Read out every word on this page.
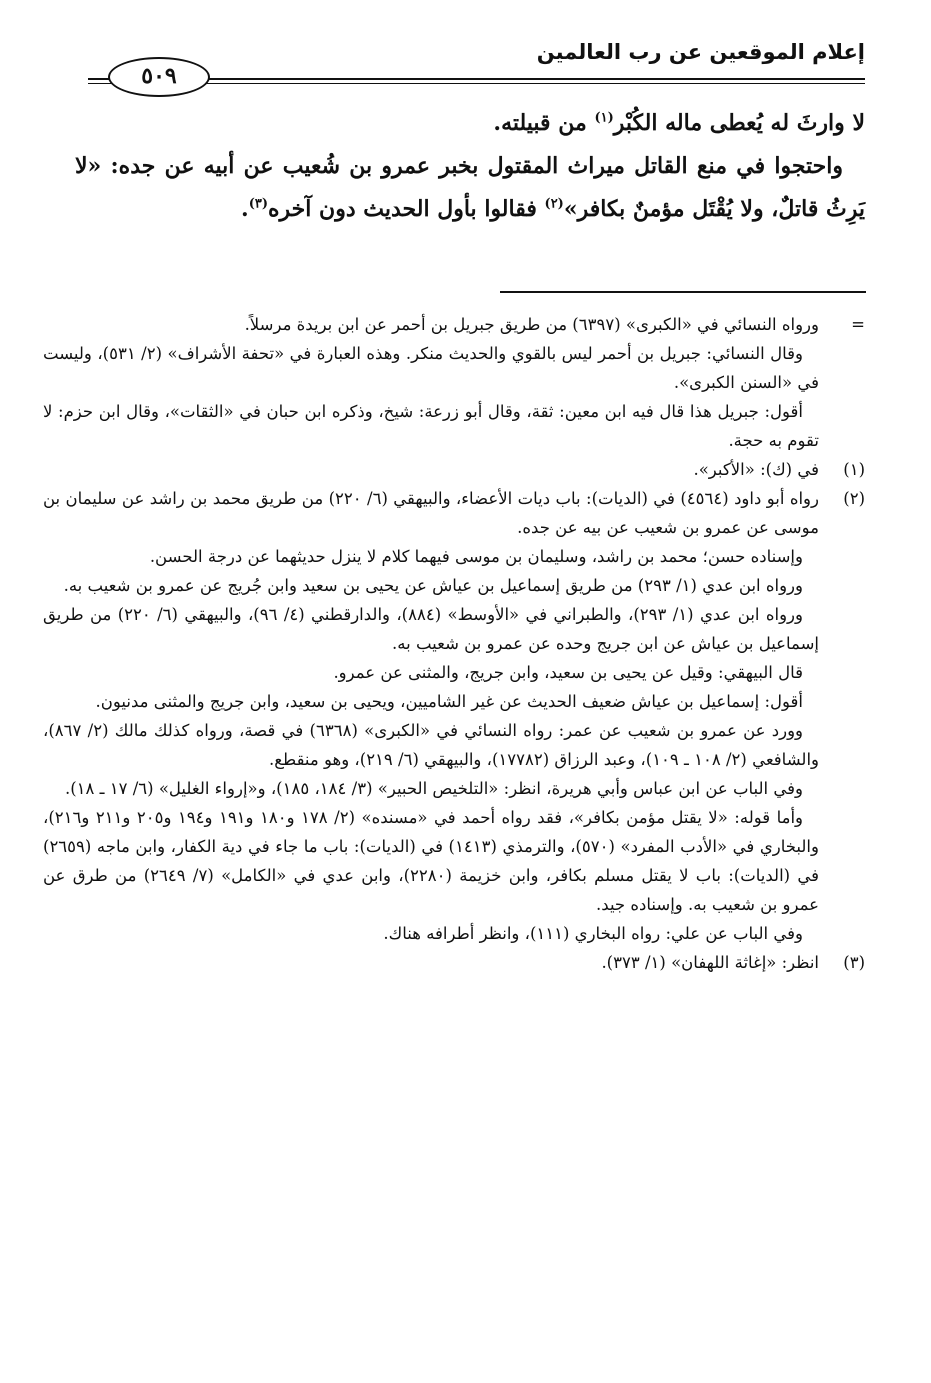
إعلام الموقعين عن رب العالمين
٥٠٩

لا وارثَ له يُعطى ماله الكُبْر$^{(١)}$ من قبيلته.

واحتجوا في منع القاتل ميراث المقتول بخبر عمرو بن شُعيب عن أبيه عن جده: «لا يَرِثُ قاتلٌ، ولا يُقْتَل مؤمنٌ بكافر»$^{(٢)}$ فقالوا بأول الحديث دون آخره$^{(٣)}$.

=

ورواه النسائي في «الكبرى» (٦٣٩٧) من طريق جبريل بن أحمر عن ابن بريدة مرسلاً.

وقال النسائي: جبريل بن أحمر ليس بالقوي والحديث منكر. وهذه العبارة في «تحفة الأشراف» (٢/ ٥٣١)، وليست في «السنن الكبرى».

أقول: جبريل هذا قال فيه ابن معين: ثقة، وقال أبو زرعة: شيخ، وذكره ابن حبان في «الثقات»، وقال ابن حزم: لا تقوم به حجة.

(١)

في (ك): «الأكبر».

(٢)

رواه أبو داود (٤٥٦٤) في (الديات): باب ديات الأعضاء، والبيهقي (٦/ ٢٢٠) من طريق محمد بن راشد عن سليمان بن موسى عن عمرو بن شعيب عن بيه عن جده.

وإسناده حسن؛ محمد بن راشد، وسليمان بن موسى فيهما كلام لا ينزل حديثهما عن درجة الحسن.

ورواه ابن عدي (١/ ٢٩٣) من طريق إسماعيل بن عياش عن يحيى بن سعيد وابن جُريج عن عمرو بن شعيب به.

ورواه ابن عدي (١/ ٢٩٣)، والطبراني في «الأوسط» (٨٨٤)، والدارقطني (٤/ ٩٦)، والبيهقي (٦/ ٢٢٠) من طريق إسماعيل بن عياش عن ابن جريج وحده عن عمرو بن شعيب به.

قال البيهقي: وقيل عن يحيى بن سعيد، وابن جريج، والمثنى عن عمرو.

أقول: إسماعيل بن عياش ضعيف الحديث عن غير الشاميين، ويحيى بن سعيد، وابن جريج والمثنى مدنيون.

وورد عن عمرو بن شعيب عن عمر: رواه النسائي في «الكبرى» (٦٣٦٨) في قصة، ورواه كذلك مالك (٢/ ٨٦٧)، والشافعي (٢/ ١٠٨ ـ ١٠٩)، وعبد الرزاق (١٧٧٨٢)، والبيهقي (٦/ ٢١٩)، وهو منقطع.

وفي الباب عن ابن عباس وأبي هريرة، انظر: «التلخيص الحبير» (٣/ ١٨٤، ١٨٥)، و«إرواء الغليل» (٦/ ١٧ ـ ١٨).

وأما قوله: «لا يقتل مؤمن بكافر»، فقد رواه أحمد في «مسنده» (٢/ ١٧٨ و١٨٠ و١٩١ و١٩٤ و٢٠٥ و٢١١ و٢١٦)، والبخاري في «الأدب المفرد» (٥٧٠)، والترمذي (١٤١٣) في (الديات): باب ما جاء في دية الكفار، وابن ماجه (٢٦٥٩) في (الديات): باب لا يقتل مسلم بكافر، وابن خزيمة (٢٢٨٠)، وابن عدي في «الكامل» (٧/ ٢٦٤٩) من طرق عن عمرو بن شعيب به. وإسناده جيد.

وفي الباب عن علي: رواه البخاري (١١١)، وانظر أطرافه هناك.

(٣)

انظر: «إغاثة اللهفان» (١/ ٣٧٣).
